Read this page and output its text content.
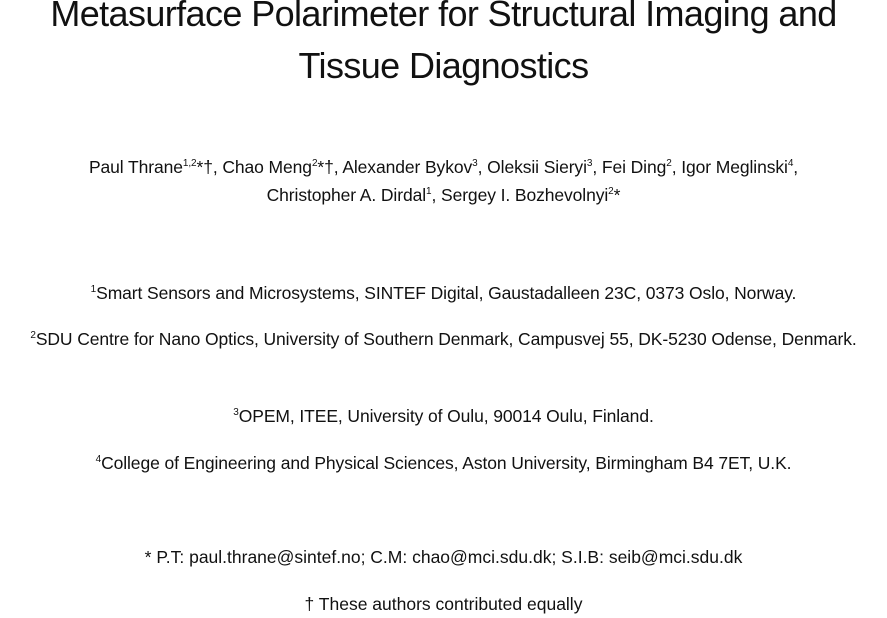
Metasurface Polarimeter for Structural Imaging and
Tissue Diagnostics
Paul Thrane$^{1,2}$*†, Chao Meng$^2$*†, Alexander Bykov$^3$, Oleksii Sieryi$^3$, Fei Ding$^2$, Igor Meglinski$^4$,
Christopher A. Dirdal$^1$, Sergey I. Bozhevolnyi$^2$*
$^1$Smart Sensors and Microsystems, SINTEF Digital, Gaustadalleen 23C, 0373 Oslo, Norway.
$^2$SDU Centre for Nano Optics, University of Southern Denmark, Campusvej 55, DK-5230 Odense, Denmark.
$^3$OPEM, ITEE, University of Oulu, 90014 Oulu, Finland.
$^4$College of Engineering and Physical Sciences, Aston University, Birmingham B4 7ET, U.K.
* P.T: paul.thrane@sintef.no; C.M: chao@mci.sdu.dk; S.I.B: seib@mci.sdu.dk
† These authors contributed equally
